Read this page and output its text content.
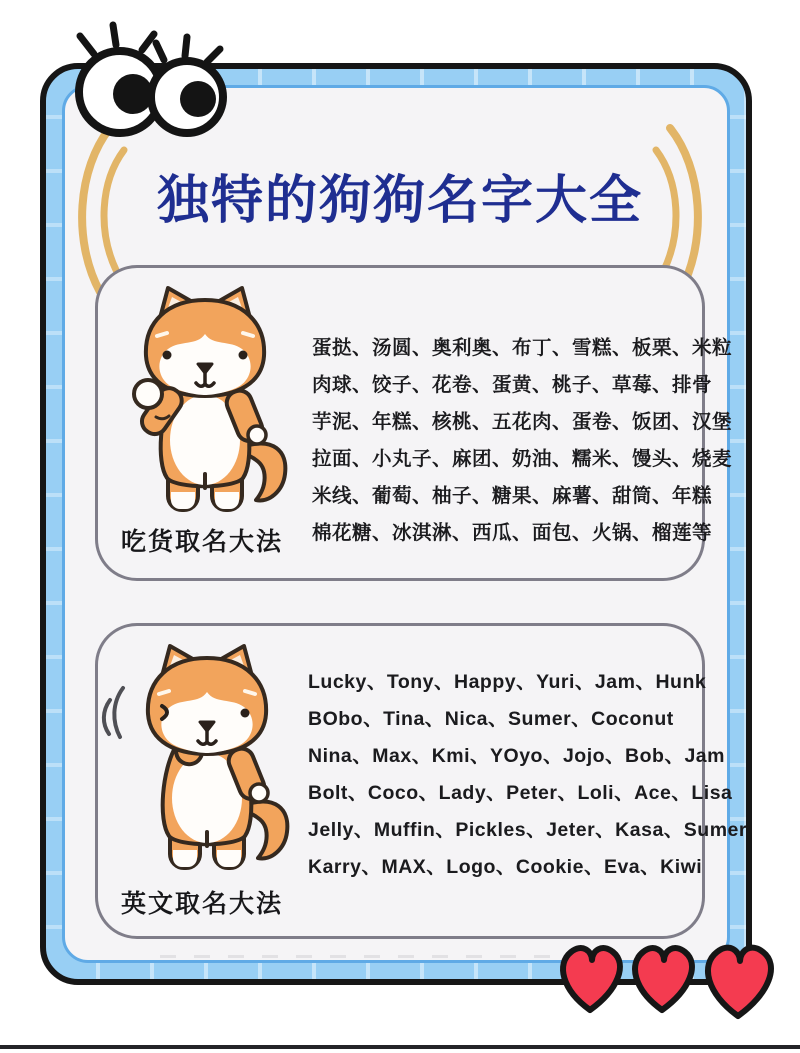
独特的狗狗名字大全
吃货取名大法
蛋挞、汤圆、奥利奥、布丁、雪糕、板栗、米粒
肉球、饺子、花卷、蛋黄、桃子、草莓、排骨
芋泥、年糕、核桃、五花肉、蛋卷、饭团、汉堡
拉面、小丸子、麻团、奶油、糯米、馒头、烧麦
米线、葡萄、柚子、糖果、麻薯、甜筒、年糕
棉花糖、冰淇淋、西瓜、面包、火锅、榴莲等
英文取名大法
Lucky、Tony、Happy、Yuri、Jam、Hunk
BObo、Tina、Nica、Sumer、Coconut
Nina、Max、Kmi、YOyo、Jojo、Bob、Jam
Bolt、Coco、Lady、Peter、Loli、Ace、Lisa
Jelly、Muffin、Pickles、Jeter、Kasa、Sumer
Karry、MAX、Logo、Cookie、Eva、Kiwi
